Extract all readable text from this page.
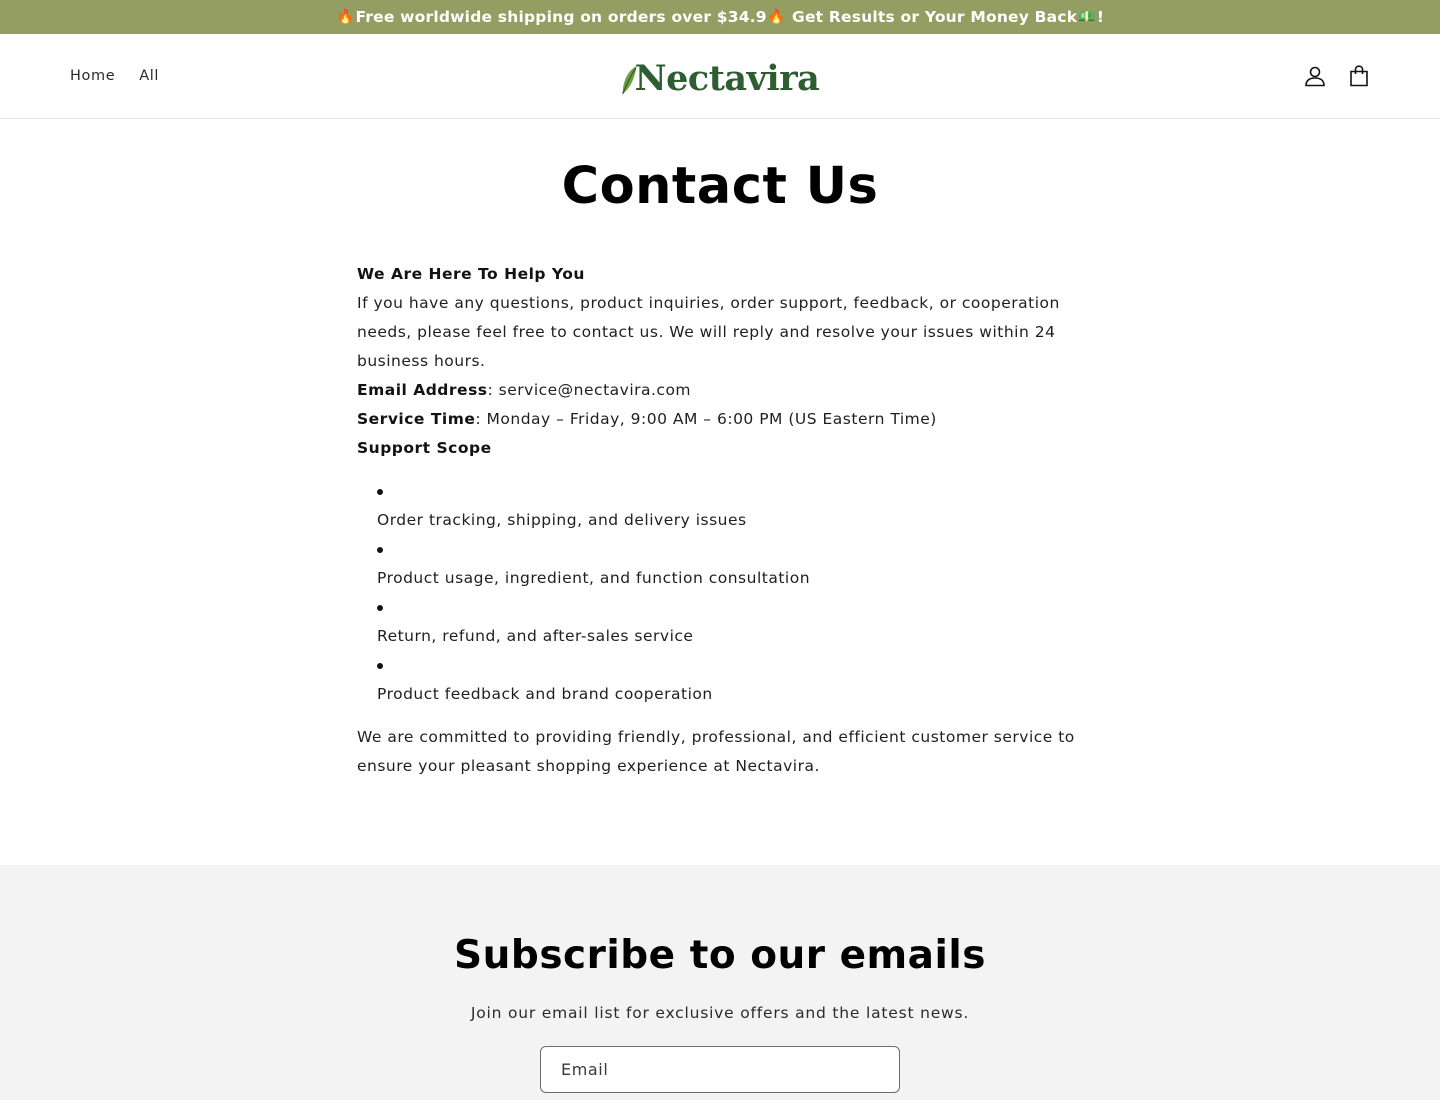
🔥 Free worldwide shipping on orders over $34.9 🔥 Get Results or Your Money Back 💵 !
Home All	Nectavira
Contact Us
We Are Here To Help You
If you have any questions, product inquiries, order support, feedback, or cooperation needs, please feel free to contact us. We will reply and resolve your issues within 24 business hours.
Email Address: service@nectavira.com
Service Time: Monday – Friday, 9:00 AM – 6:00 PM (US Eastern Time)
Support Scope
Order tracking, shipping, and delivery issues
Product usage, ingredient, and function consultation
Return, refund, and after-sales service
Product feedback and brand cooperation
We are committed to providing friendly, professional, and efficient customer service to ensure your pleasant shopping experience at Nectavira.
Subscribe to our emails

Join our email list for exclusive offers and the latest news.

Email
